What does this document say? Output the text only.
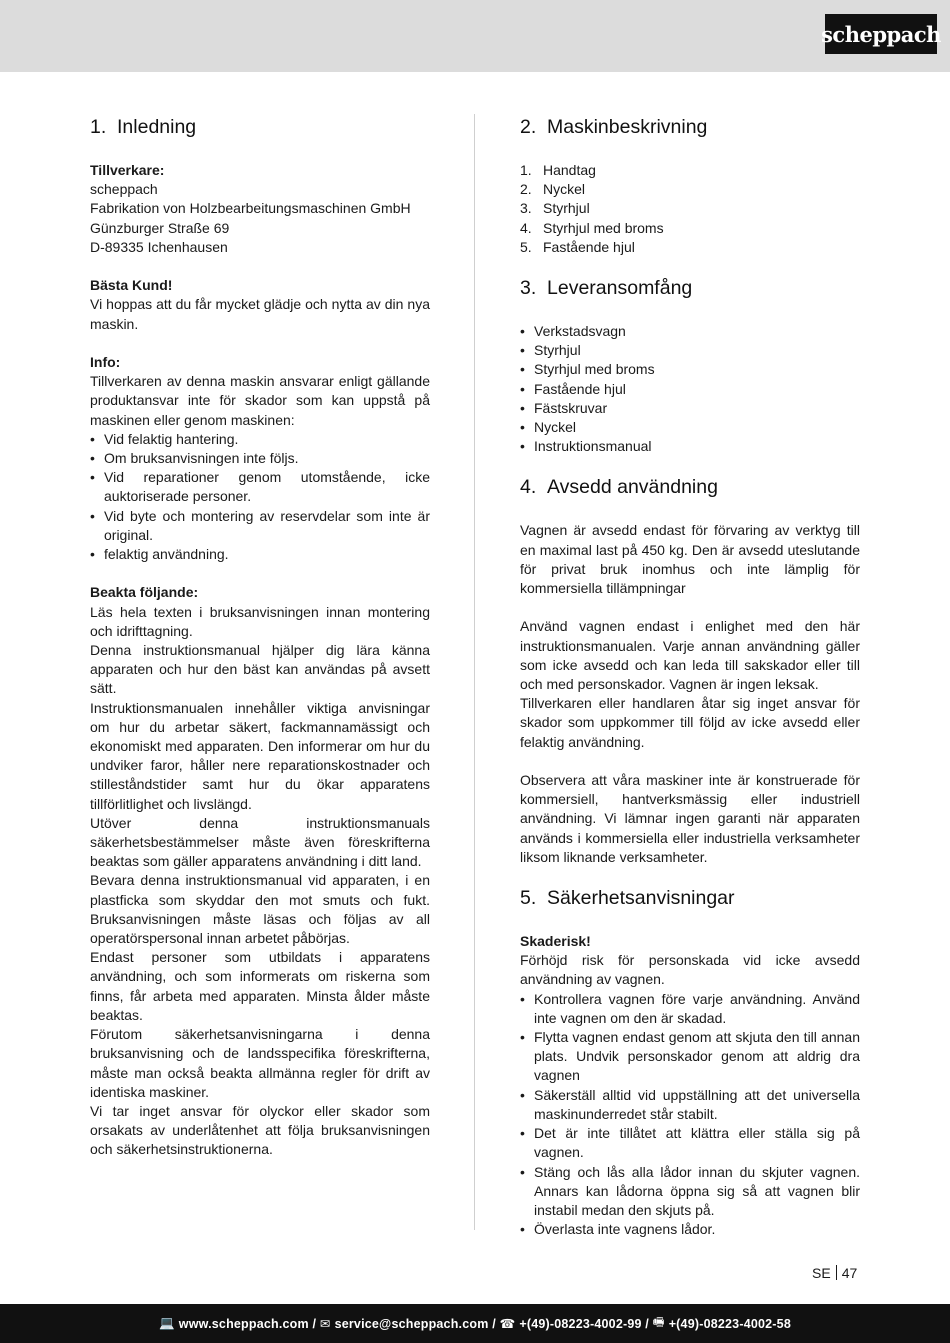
scheppach
1. Inledning
Tillverkare:
scheppach
Fabrikation von Holzbearbeitungsmaschinen GmbH
Günzburger Straße 69
D-89335 Ichenhausen
Bästa Kund!

Vi hoppas att du får mycket glädje och nytta av din nya maskin.

Info:

Tillverkaren av denna maskin ansvarar enligt gällande produktansvar inte för skador som kan uppstå på maskinen eller genom maskinen:

• Vid felaktig hantering.
• Om bruksanvisningen inte följs.
• Vid reparationer genom utomstående, icke auktoriserade personer.
• Vid byte och montering av reservdelar som inte är original.
• felaktig användning.
Beakta följande:

Läs hela texten i bruksanvisningen innan montering och idrifttagning.

Denna instruktionsmanual hjälper dig lära känna apparaten och hur den bäst kan användas på avsett sätt.

Instruktionsmanualen innehåller viktiga anvisningar om hur du arbetar säkert, fackmannamässigt och ekonomiskt med apparaten. Den informerar om hur du undviker faror, håller nere reparationskostnader och stilleståndstider samt hur du ökar apparatens tillförlitlighet och livslängd.

Utöver denna instruktionsmanuals säkerhetsbestämmelser måste även föreskrifterna beaktas som gäller apparatens användning i ditt land.

Bevara denna instruktionsmanual vid apparaten, i en plastficka som skyddar den mot smuts och fukt. Bruksanvisningen måste läsas och följas av all operatörspersonal innan arbetet påbörjas.

Endast personer som utbildats i apparatens användning, och som informerats om riskerna som finns, får arbeta med apparaten. Minsta ålder måste beaktas.

Förutom säkerhetsanvisningarna i denna bruksanvisning och de landsspecifika föreskrifterna, måste man också beakta allmänna regler för drift av identiska maskiner.

Vi tar inget ansvar för olyckor eller skador som orsakats av underlåtenhet att följa bruksanvisningen och säkerhetsinstruktionerna.

2. Maskinbeskrivning
1. Handtag
2. Nyckel
3. Styrhjul
4. Styrhjul med broms
5. Fastående hjul
3. Leveransomfång
• Verkstadsvagn
• Styrhjul
• Styrhjul med broms
• Fastående hjul
• Fästskruvar
• Nyckel
• Instruktionsmanual
4. Avsedd användning

Vagnen är avsedd endast för förvaring av verktyg till en maximal last på 450 kg. Den är avsedd uteslutande för privat bruk inomhus och inte lämplig för kommersiella tillämpningar

Använd vagnen endast i enlighet med den här instruktionsmanualen. Varje annan användning gäller som icke avsedd och kan leda till sakskador eller till och med personskador. Vagnen är ingen leksak.

Tillverkaren eller handlaren åtar sig inget ansvar för skador som uppkommer till följd av icke avsedd eller felaktig användning.

Observera att våra maskiner inte är konstruerade för kommersiell, hantverksmässig eller industriell användning. Vi lämnar ingen garanti när apparaten används i kommersiella eller industriella verksamheter liksom liknande verksamheter.

5. Säkerhetsanvisningar
Skaderisk!

Förhöjd risk för personskada vid icke avsedd användning av vagnen.

• Kontrollera vagnen före varje användning. Använd inte vagnen om den är skadad.
• Flytta vagnen endast genom att skjuta den till annan plats. Undvik personskador genom att aldrig dra vagnen
• Säkerställ alltid vid uppställning att det universella maskinunderredet står stabilt.
• Det är inte tillåtet att klättra eller ställa sig på vagnen.
• Stäng och lås alla lådor innan du skjuter vagnen. Annars kan lådorna öppna sig så att vagnen blir instabil medan den skjuts på.
• Överlasta inte vagnens lådor.
SE 47
💻 www.scheppach.com /
✉ service@scheppach.com /
☎ +(49)-08223-4002-99 /
🖷 +(49)-08223-4002-58
